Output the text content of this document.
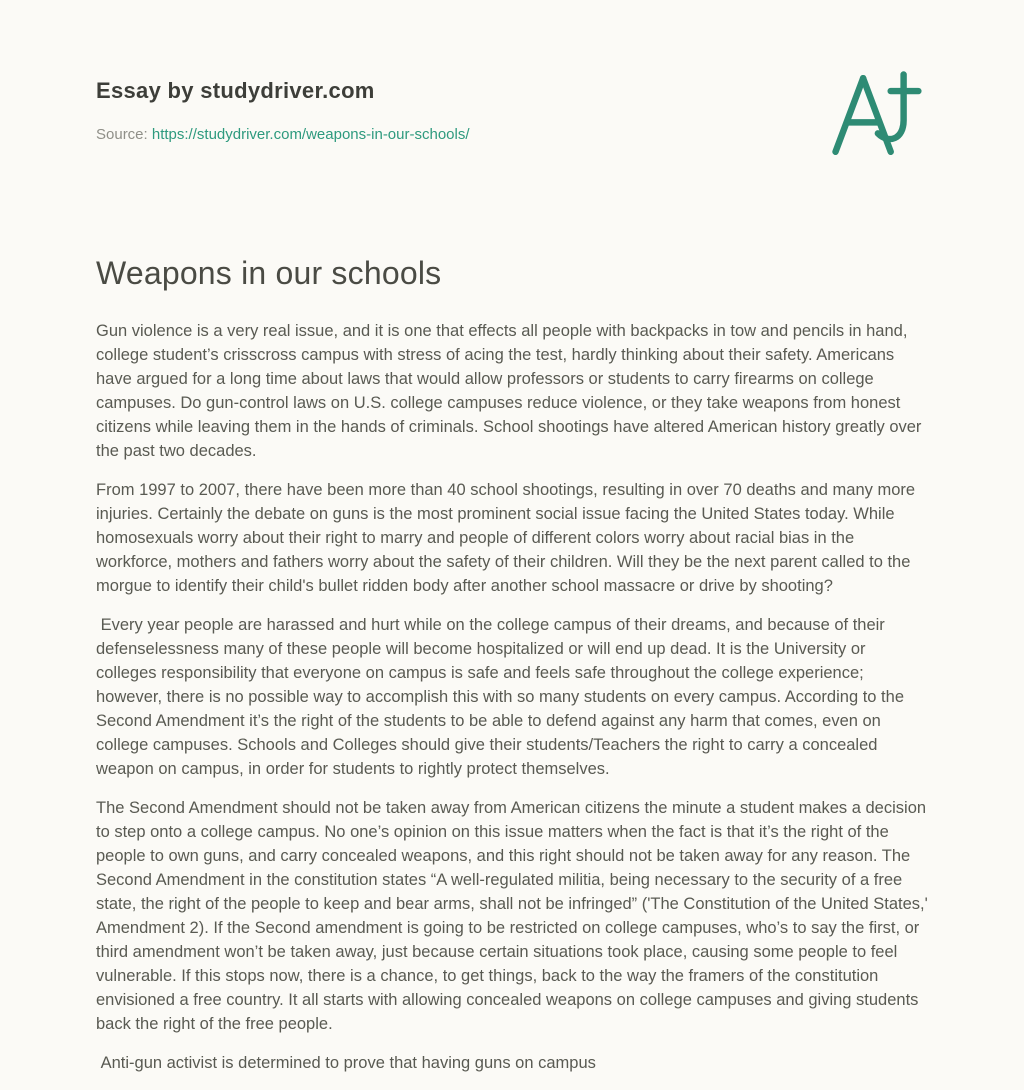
Essay by studydriver.com
Source: https://studydriver.com/weapons-in-our-schools/
Weapons in our schools

Gun violence is a very real issue, and it is one that effects all people with backpacks in tow and pencils in hand, college student’s crisscross campus with stress of acing the test, hardly thinking about their safety. Americans have argued for a long time about laws that would allow professors or students to carry firearms on college campuses. Do gun-control laws on U.S. college campuses reduce violence, or they take weapons from honest citizens while leaving them in the hands of criminals. School shootings have altered American history greatly over the past two decades.

From 1997 to 2007, there have been more than 40 school shootings, resulting in over 70 deaths and many more injuries. Certainly the debate on guns is the most prominent social issue facing the United States today. While homosexuals worry about their right to marry and people of different colors worry about racial bias in the workforce, mothers and fathers worry about the safety of their children. Will they be the next parent called to the morgue to identify their child's bullet ridden body after another school massacre or drive by shooting?

Every year people are harassed and hurt while on the college campus of their dreams, and because of their defenselessness many of these people will become hospitalized or will end up dead. It is the University or colleges responsibility that everyone on campus is safe and feels safe throughout the college experience; however, there is no possible way to accomplish this with so many students on every campus. According to the Second Amendment it’s the right of the students to be able to defend against any harm that comes, even on college campuses. Schools and Colleges should give their students/Teachers the right to carry a concealed weapon on campus, in order for students to rightly protect themselves.

The Second Amendment should not be taken away from American citizens the minute a student makes a decision to step onto a college campus. No one’s opinion on this issue matters when the fact is that it’s the right of the people to own guns, and carry concealed weapons, and this right should not be taken away for any reason. The Second Amendment in the constitution states “A well-regulated militia, being necessary to the security of a free state, the right of the people to keep and bear arms, shall not be infringed” ('The Constitution of the United States,' Amendment 2). If the Second amendment is going to be restricted on college campuses, who’s to say the first, or third amendment won’t be taken away, just because certain situations took place, causing some people to feel vulnerable. If this stops now, there is a chance, to get things, back to the way the framers of the constitution envisioned a free country. It all starts with allowing concealed weapons on college campuses and giving students back the right of the free people.

Anti-gun activist is determined to prove that having guns on campus
